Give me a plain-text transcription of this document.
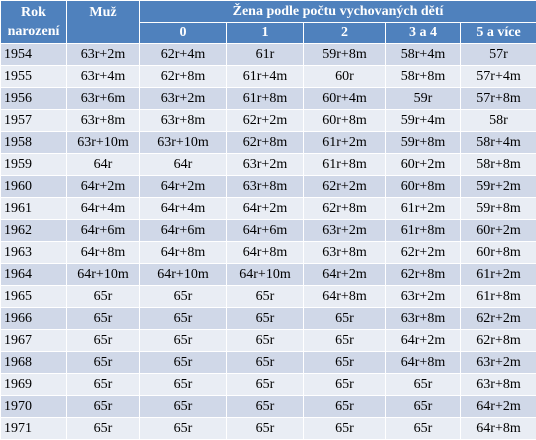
Rok narození	Muž	Žena podle počtu vychovaných dětí				
		0	1	2	3 a 4	5 a více
1954	63r+2m	62r+4m	61r	59r+8m	58r+4m	57r
1955	63r+4m	62r+8m	61r+4m	60r	58r+8m	57r+4m
1956	63r+6m	63r+2m	61r+8m	60r+4m	59r	57r+8m
1957	63r+8m	63r+8m	62r+2m	60r+8m	59r+4m	58r
1958	63r+10m	63r+10m	62r+8m	61r+2m	59r+8m	58r+4m
1959	64r	64r	63r+2m	61r+8m	60r+2m	58r+8m
1960	64r+2m	64r+2m	63r+8m	62r+2m	60r+8m	59r+2m
1961	64r+4m	64r+4m	64r+2m	62r+8m	61r+2m	59r+8m
1962	64r+6m	64r+6m	64r+6m	63r+2m	61r+8m	60r+2m
1963	64r+8m	64r+8m	64r+8m	63r+8m	62r+2m	60r+8m
1964	64r+10m	64r+10m	64r+10m	64r+2m	62r+8m	61r+2m
1965	65r	65r	65r	64r+8m	63r+2m	61r+8m
1966	65r	65r	65r	65r	63r+8m	62r+2m
1967	65r	65r	65r	65r	64r+2m	62r+8m
1968	65r	65r	65r	65r	64r+8m	63r+2m
1969	65r	65r	65r	65r	65r	63r+8m
1970	65r	65r	65r	65r	65r	64r+2m
1971	65r	65r	65r	65r	65r	64r+8m
